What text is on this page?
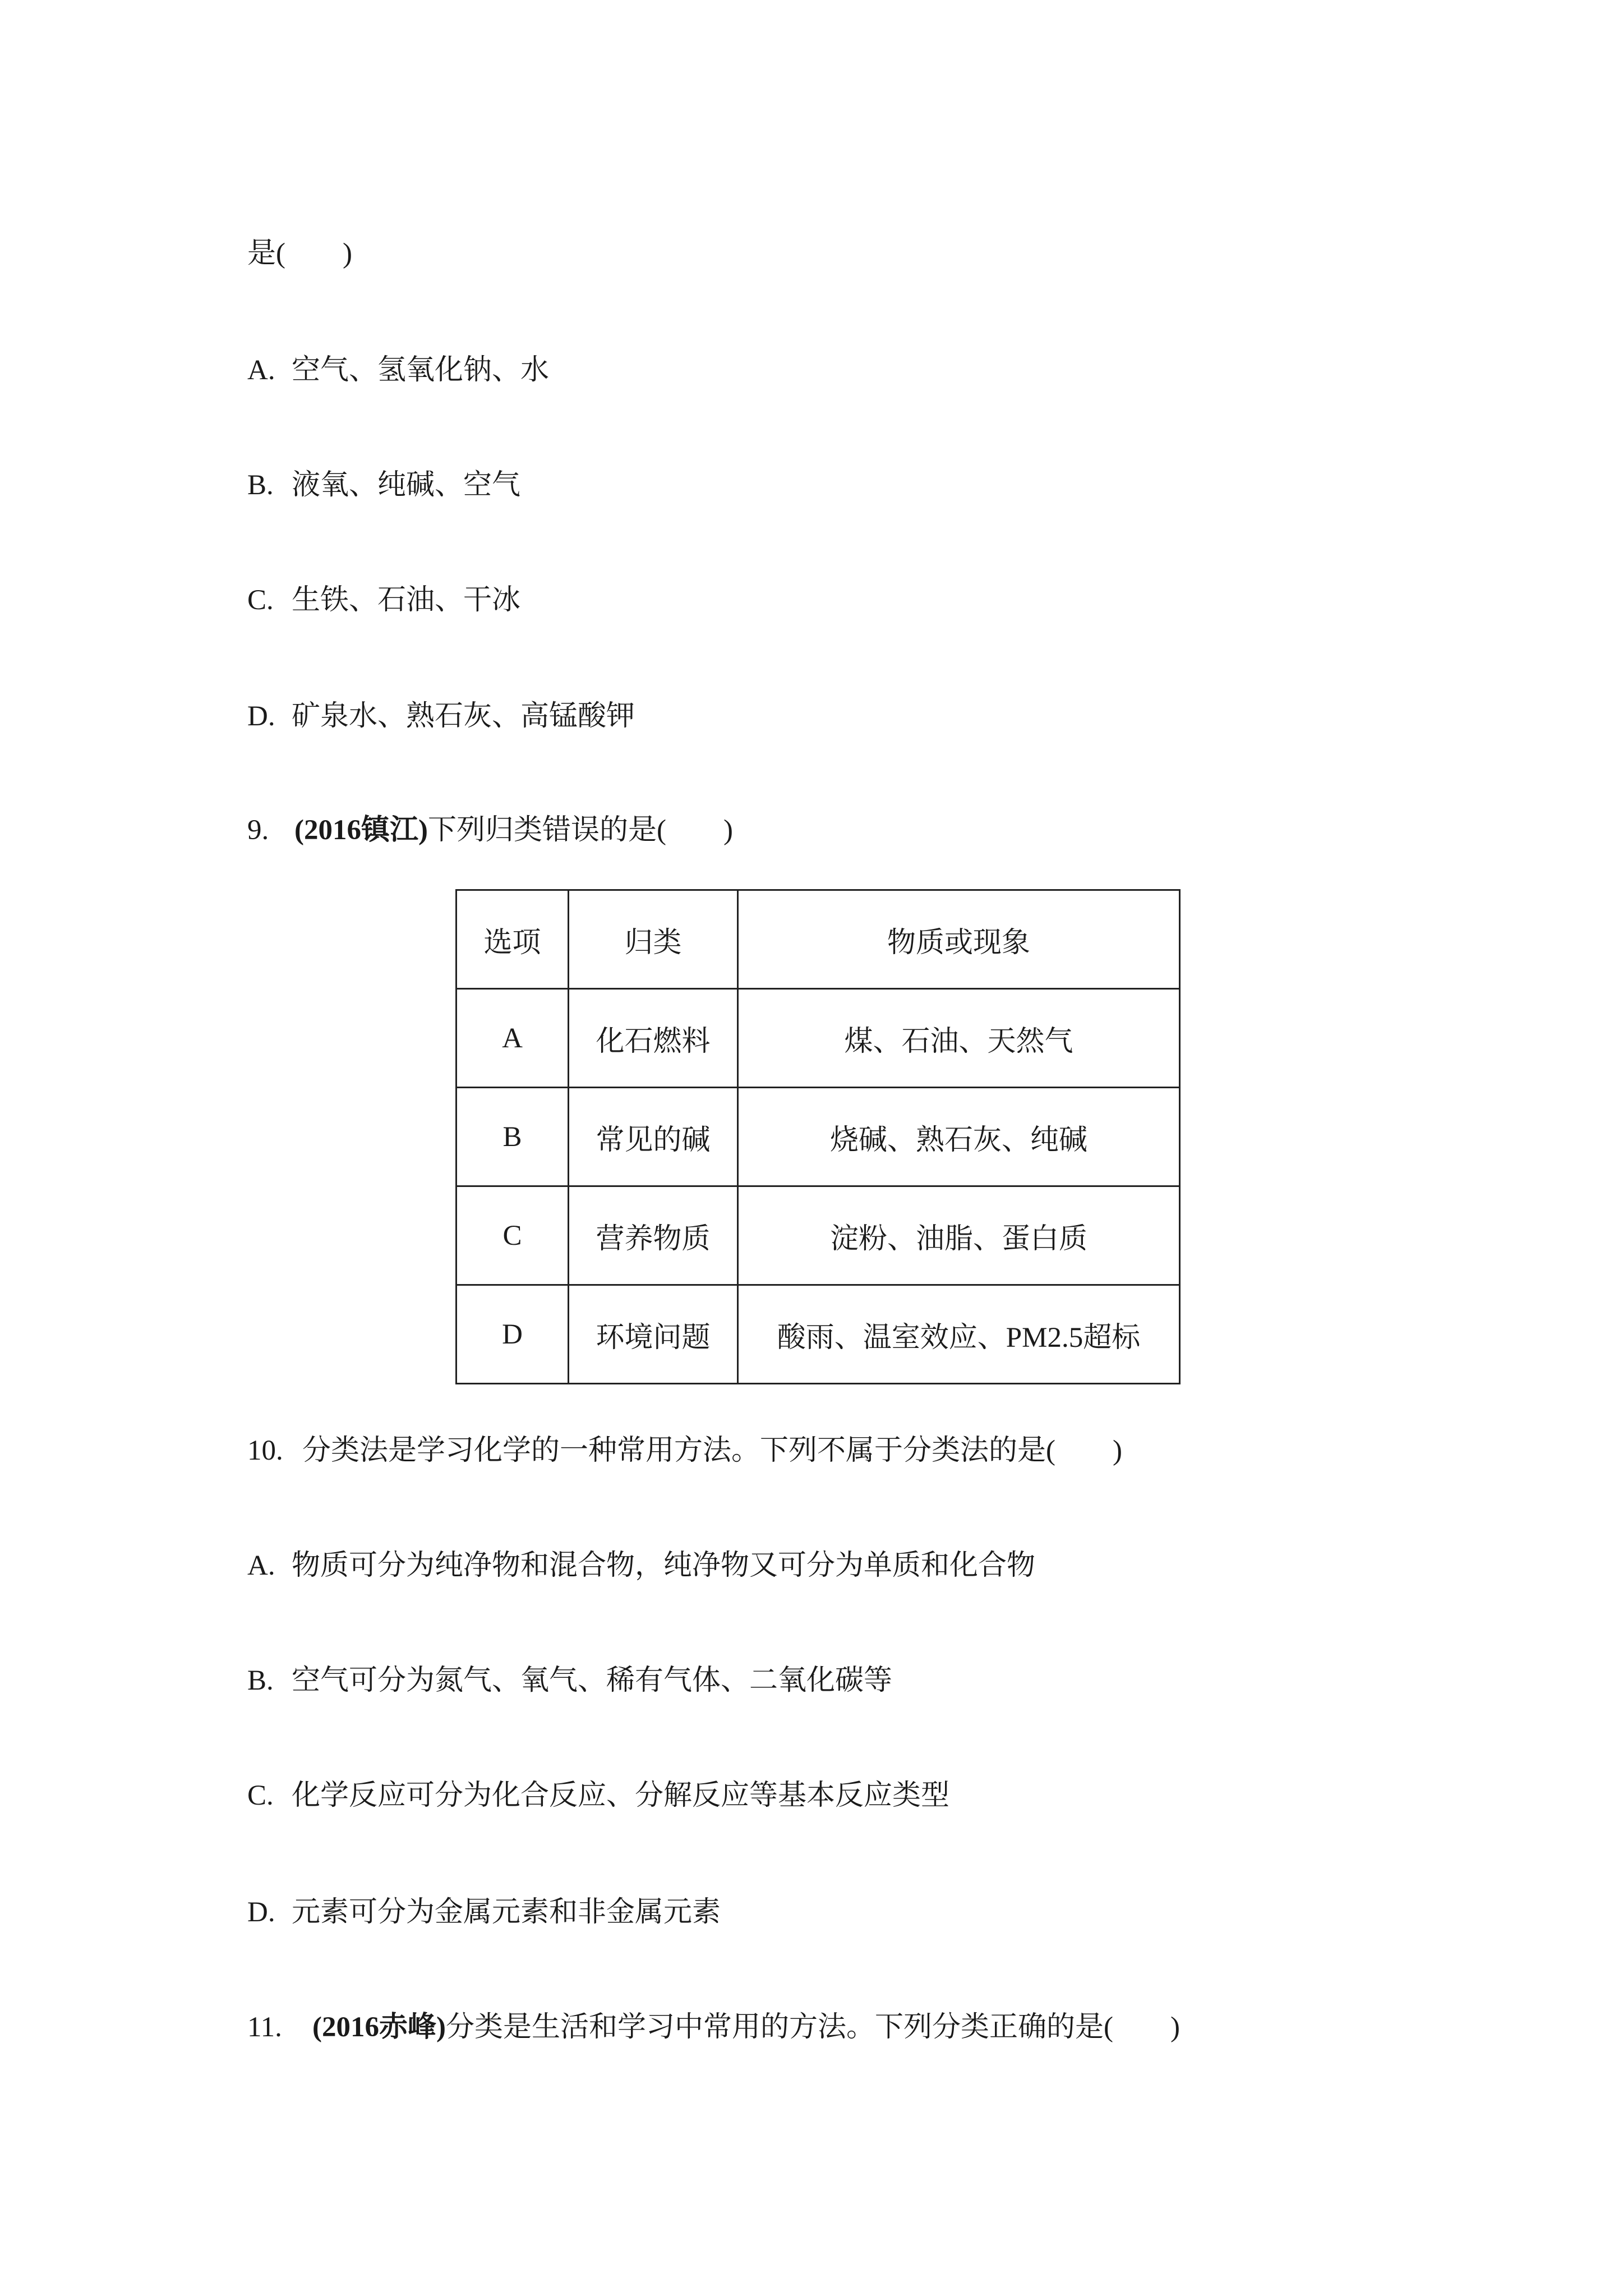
是(　　)
A. 空气、氢氧化钠、水
B. 液氧、纯碱、空气
C. 生铁、石油、干冰
D. 矿泉水、熟石灰、高锰酸钾
9. (2016镇江)下列归类错误的是(　　)
选项	归类	物质或现象
A	化石燃料	煤、石油、天然气
B	常见的碱	烧碱、熟石灰、纯碱
C	营养物质	淀粉、油脂、蛋白质
D	环境问题	酸雨、温室效应、PM2.5超标
10. 分类法是学习化学的一种常用方法。下列不属于分类法的是(　　)
A. 物质可分为纯净物和混合物，纯净物又可分为单质和化合物
B. 空气可分为氮气、氧气、稀有气体、二氧化碳等
C. 化学反应可分为化合反应、分解反应等基本反应类型
D. 元素可分为金属元素和非金属元素
11. (2016赤峰)分类是生活和学习中常用的方法。下列分类正确的是(　　)
